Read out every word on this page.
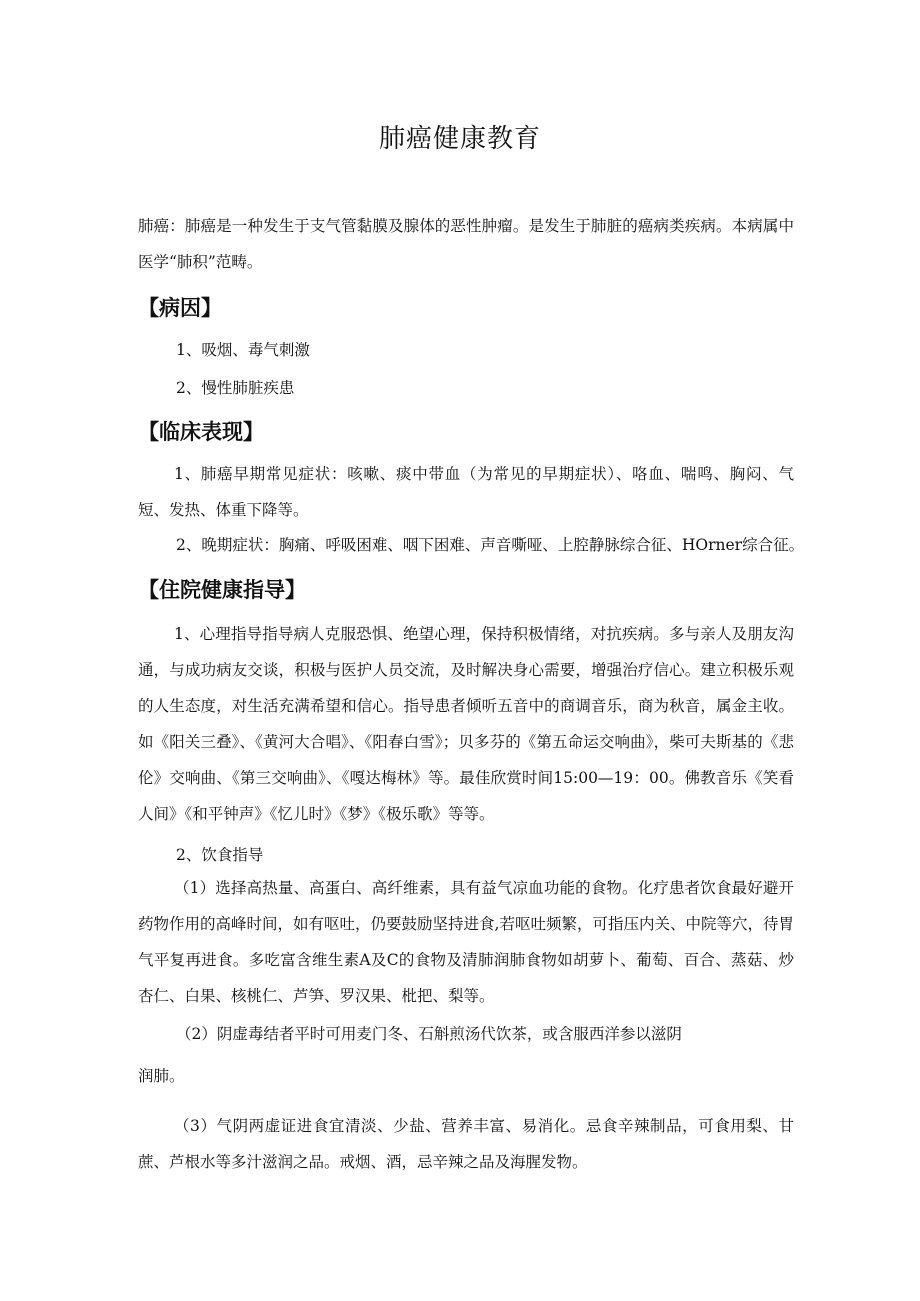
肺癌健康教育

肺癌：肺癌是一种发生于支气管黏膜及腺体的恶性肿瘤。是发生于肺脏的癌病类疾病。本病属中医学“肺积”范畴。

【病因】

1、吸烟、毒气刺激

2、慢性肺脏疾患

【临床表现】

1、肺癌早期常见症状：咳嗽、痰中带血（为常见的早期症状）、咯血、喘鸣、胸闷、气短、发热、体重下降等。

2、晚期症状：胸痛、呼吸困难、咽下困难、声音嘶哑、上腔静脉综合征、HOrner综合征。

【住院健康指导】

1、心理指导指导病人克服恐惧、绝望心理，保持积极情绪，对抗疾病。多与亲人及朋友沟通，与成功病友交谈，积极与医护人员交流，及时解决身心需要，增强治疗信心。建立积极乐观的人生态度，对生活充满希望和信心。指导患者倾听五音中的商调音乐，商为秋音，属金主收。如《阳关三叠》、《黄河大合唱》、《阳春白雪》；贝多芬的《第五命运交响曲》，柴可夫斯基的《悲伦》交响曲、《第三交响曲》、《嘎达梅林》等。最佳欣赏时间15:00—19：00。佛教音乐《笑看人间》《和平钟声》《忆儿时》《梦》《极乐歌》等等。

2、饮食指导

（1）选择高热量、高蛋白、高纤维素，具有益气凉血功能的食物。化疗患者饮食最好避开药物作用的高峰时间，如有呕吐，仍要鼓励坚持进食,若呕吐频繁，可指压内关、中院等穴，待胃气平复再进食。多吃富含维生素A及C的食物及清肺润肺食物如胡萝卜、葡萄、百合、蒸菇、炒杏仁、白果、核桃仁、芦笋、罗汉果、枇把、梨等。

（2）阴虚毒结者平时可用麦门冬、石斛煎汤代饮茶，或含服西洋参以滋阴

润肺。

（3）气阴两虚证进食宜清淡、少盐、营养丰富、易消化。忌食辛辣制品，可食用梨、甘蔗、芦根水等多汁滋润之品。戒烟、酒，忌辛辣之品及海腥发物。
